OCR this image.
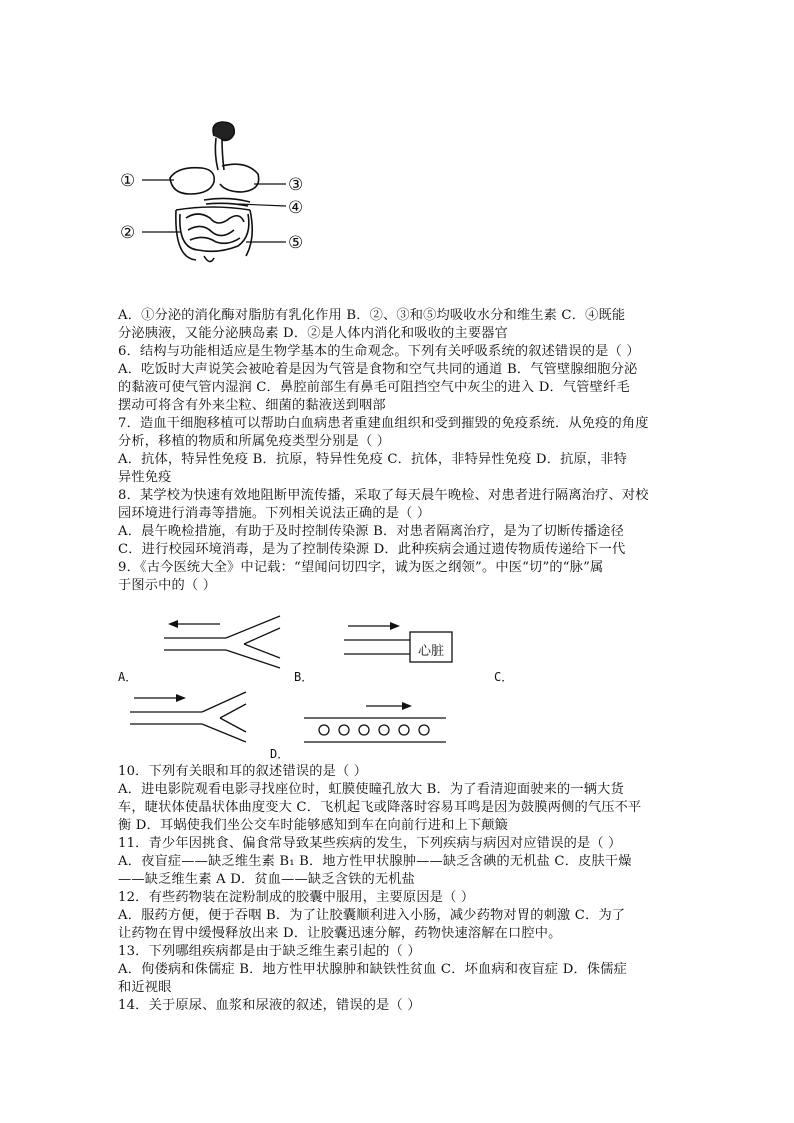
①
②
③
④
⑤
A．①分泌的消化酶对脂肪有乳化作用 B．②、③和⑤均吸收水分和维生素 C．④既能
分泌胰液，又能分泌胰岛素 D．②是人体内消化和吸收的主要器官
6．结构与功能相适应是生物学基本的生命观念。下列有关呼吸系统的叙述错误的是（ ）
A．吃饭时大声说笑会被呛着是因为气管是食物和空气共同的通道 B．气管壁腺细胞分泌
的黏液可使气管内湿润 C．鼻腔前部生有鼻毛可阻挡空气中灰尘的进入 D．气管壁纤毛
摆动可将含有外来尘粒、细菌的黏液送到咽部
7．造血干细胞移植可以帮助白血病患者重建血组织和受到摧毁的免疫系统．从免疫的角度
分析，移植的物质和所属免疫类型分别是（ ）
A．抗体，特异性免疫 B．抗原，特异性免疫 C．抗体，非特异性免疫 D．抗原，非特
异性免疫
8．某学校为快速有效地阻断甲流传播，采取了每天晨午晚检、对患者进行隔离治疗、对校
园环境进行消毒等措施。下列相关说法正确的是（ ）
A．晨午晚检措施，有助于及时控制传染源 B．对患者隔离治疗，是为了切断传播途径
C．进行校园环境消毒，是为了控制传染源 D．此种疾病会通过遗传物质传递给下一代
9．《古今医统大全》中记载：“望闻问切四字，诚为医之纲领”。中医“切”的“脉”属
于图示中的（ ）
A．
心脏
B．	C．
D．
10．下列有关眼和耳的叙述错误的是（ ）
A．进电影院观看电影寻找座位时，虹膜使瞳孔放大 B．为了看清迎面驶来的一辆大货
车，睫状体使晶状体曲度变大 C．飞机起飞或降落时容易耳鸣是因为鼓膜两侧的气压不平
衡 D．耳蜗使我们坐公交车时能够感知到车在向前行进和上下颠簸
11．青少年因挑食、偏食常导致某些疾病的发生，下列疾病与病因对应错误的是（ ）
A．夜盲症——缺乏维生素 B₁ B．地方性甲状腺肿——缺乏含碘的无机盐 C．皮肤干燥
——缺乏维生素 A D．贫血——缺乏含铁的无机盐
12．有些药物装在淀粉制成的胶囊中服用，主要原因是（ ）
A．服药方便，便于吞咽 B．为了让胶囊顺利进入小肠，减少药物对胃的刺激 C．为了
让药物在胃中缓慢释放出来 D．让胶囊迅速分解，药物快速溶解在口腔中。
13．下列哪组疾病都是由于缺乏维生素引起的（ ）
A．佝偻病和侏儒症 B．地方性甲状腺肿和缺铁性贫血 C．坏血病和夜盲症 D．侏儒症
和近视眼
14．关于原尿、血浆和尿液的叙述，错误的是（ ）
